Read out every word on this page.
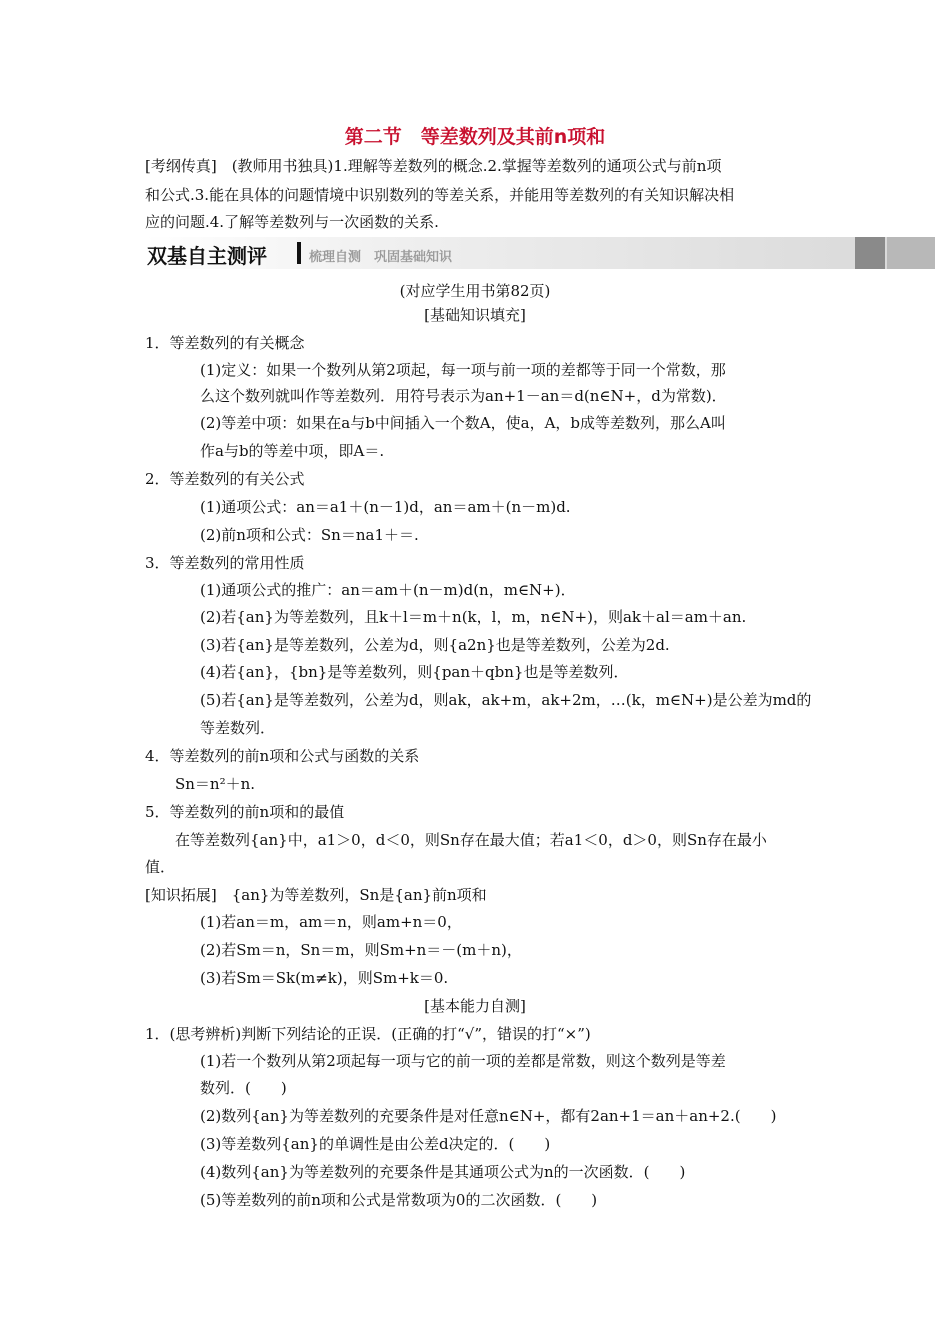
第二节　等差数列及其前n项和
[考纲传真]　(教师用书独具)1.理解等差数列的概念.2.掌握等差数列的通项公式与前n项
和公式.3.能在具体的问题情境中识别数列的等差关系，并能用等差数列的有关知识解决相
应的问题.4.了解等差数列与一次函数的关系.
双基自主测评	梳理自测　巩固基础知识
(对应学生用书第82页)
[基础知识填充]
1．等差数列的有关概念
(1)定义：如果一个数列从第2项起，每一项与前一项的差都等于同一个常数，那
么这个数列就叫作等差数列．用符号表示为an+1－an＝d(n∈N+，d为常数)．
(2)等差中项：如果在a与b中间插入一个数A，使a，A，b成等差数列，那么A叫
作a与b的等差中项，即A＝.
2．等差数列的有关公式
(1)通项公式：an＝a1＋(n－1)d，an＝am＋(n－m)d.
(2)前n项和公式：Sn＝na1＋＝.
3．等差数列的常用性质
(1)通项公式的推广：an＝am＋(n－m)d(n，m∈N+)．
(2)若{an}为等差数列，且k＋l＝m＋n(k，l，m，n∈N+)，则ak＋al＝am＋an.
(3)若{an}是等差数列，公差为d，则{a2n}也是等差数列，公差为2d.
(4)若{an}，{bn}是等差数列，则{pan＋qbn}也是等差数列．
(5)若{an}是等差数列，公差为d，则ak，ak+m，ak+2m，…(k，m∈N+)是公差为md的
等差数列．
4．等差数列的前n项和公式与函数的关系
Sn＝n²＋n.
5．等差数列的前n项和的最值
在等差数列{an}中，a1＞0，d＜0，则Sn存在最大值；若a1＜0，d＞0，则Sn存在最小
值．
[知识拓展]　{an}为等差数列，Sn是{an}前n项和
(1)若an＝m，am＝n，则am+n＝0，
(2)若Sm＝n，Sn＝m，则Sm+n＝－(m＋n)，
(3)若Sm＝Sk(m≠k)，则Sm+k＝0.
[基本能力自测]
1．(思考辨析)判断下列结论的正误．(正确的打“√”，错误的打“×”)
(1)若一个数列从第2项起每一项与它的前一项的差都是常数，则这个数列是等差
数列．(　　)
(2)数列{an}为等差数列的充要条件是对任意n∈N+，都有2an+1＝an＋an+2.(　　)
(3)等差数列{an}的单调性是由公差d决定的．(　　)
(4)数列{an}为等差数列的充要条件是其通项公式为n的一次函数．(　　)
(5)等差数列的前n项和公式是常数项为0的二次函数．(　　)
